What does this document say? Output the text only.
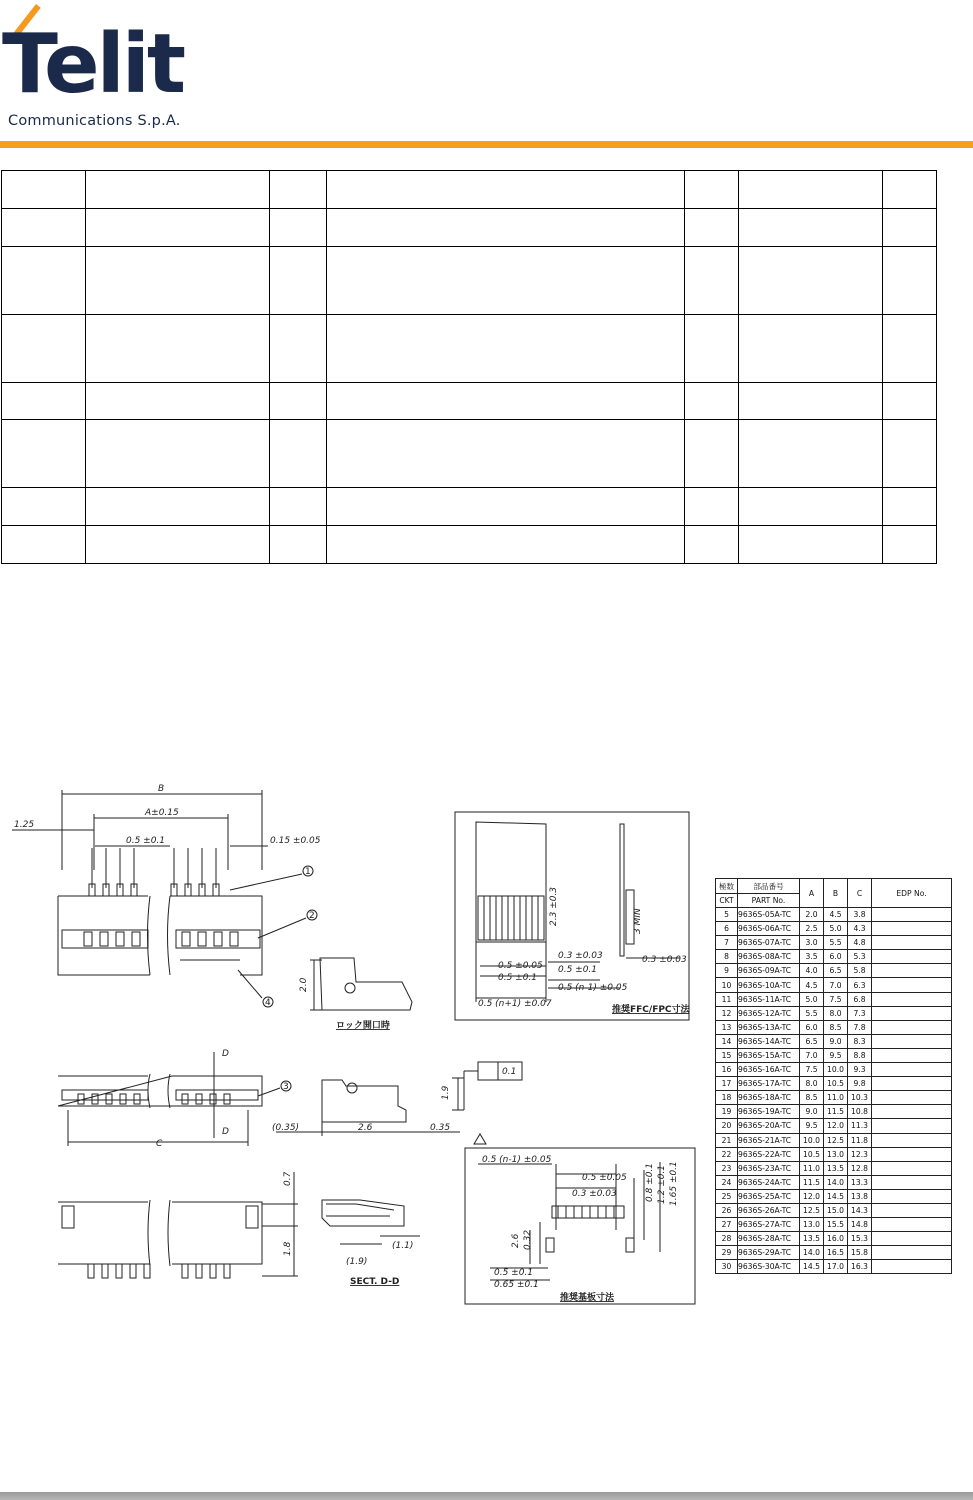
Telit
Communications S.p.A.

B
A±0.15
1.25
0.5 ±0.1	0.15 ±0.05
1
2
4
2.0
ロック開口時
D
D
3
C
1.9
(0.35)	2.6	0.35
0.1
0.7
1.8	(1.1)
(1.9)
SECT. D-D
2.3 ±0.3	3 MIN
0.3 ±0.03
0.5 ±0.05 0.5 ±0.1
0.5 ±0.1
0.5 (n-1) ±0.05
0.3 ±0.03
0.5 (n+1) ±0.07
推奨FFC/FPC寸法
0.5 (n-1) ±0.05
0.5 ±0.05
0.3 ±0.03	0.8 ±0.1 1.2 ±0.1 1.65 ±0.1
2.6 0.32
0.5 ±0.1
0.65 ±0.1
推奨基板寸法
極数	部品番号	A	B	C	EDP No.
CKT	PART No.				
5	9636S-05A-TC	2.0	4.5	3.8	
6	9636S-06A-TC	2.5	5.0	4.3	
7	9636S-07A-TC	3.0	5.5	4.8	
8	9636S-08A-TC	3.5	6.0	5.3	
9	9636S-09A-TC	4.0	6.5	5.8	
10	9636S-10A-TC	4.5	7.0	6.3	
11	9636S-11A-TC	5.0	7.5	6.8	
12	9636S-12A-TC	5.5	8.0	7.3	
13	9636S-13A-TC	6.0	8.5	7.8	
14	9636S-14A-TC	6.5	9.0	8.3	
15	9636S-15A-TC	7.0	9.5	8.8	
16	9636S-16A-TC	7.5	10.0	9.3	
17	9636S-17A-TC	8.0	10.5	9.8	
18	9636S-18A-TC	8.5	11.0	10.3	
19	9636S-19A-TC	9.0	11.5	10.8	
20	9636S-20A-TC	9.5	12.0	11.3	
21	9636S-21A-TC	10.0	12.5	11.8	
22	9636S-22A-TC	10.5	13.0	12.3	
23	9636S-23A-TC	11.0	13.5	12.8	
24	9636S-24A-TC	11.5	14.0	13.3	
25	9636S-25A-TC	12.0	14.5	13.8	
26	9636S-26A-TC	12.5	15.0	14.3	
27	9636S-27A-TC	13.0	15.5	14.8	
28	9636S-28A-TC	13.5	16.0	15.3	
29	9636S-29A-TC	14.0	16.5	15.8	
30	9636S-30A-TC	14.5	17.0	16.3	
